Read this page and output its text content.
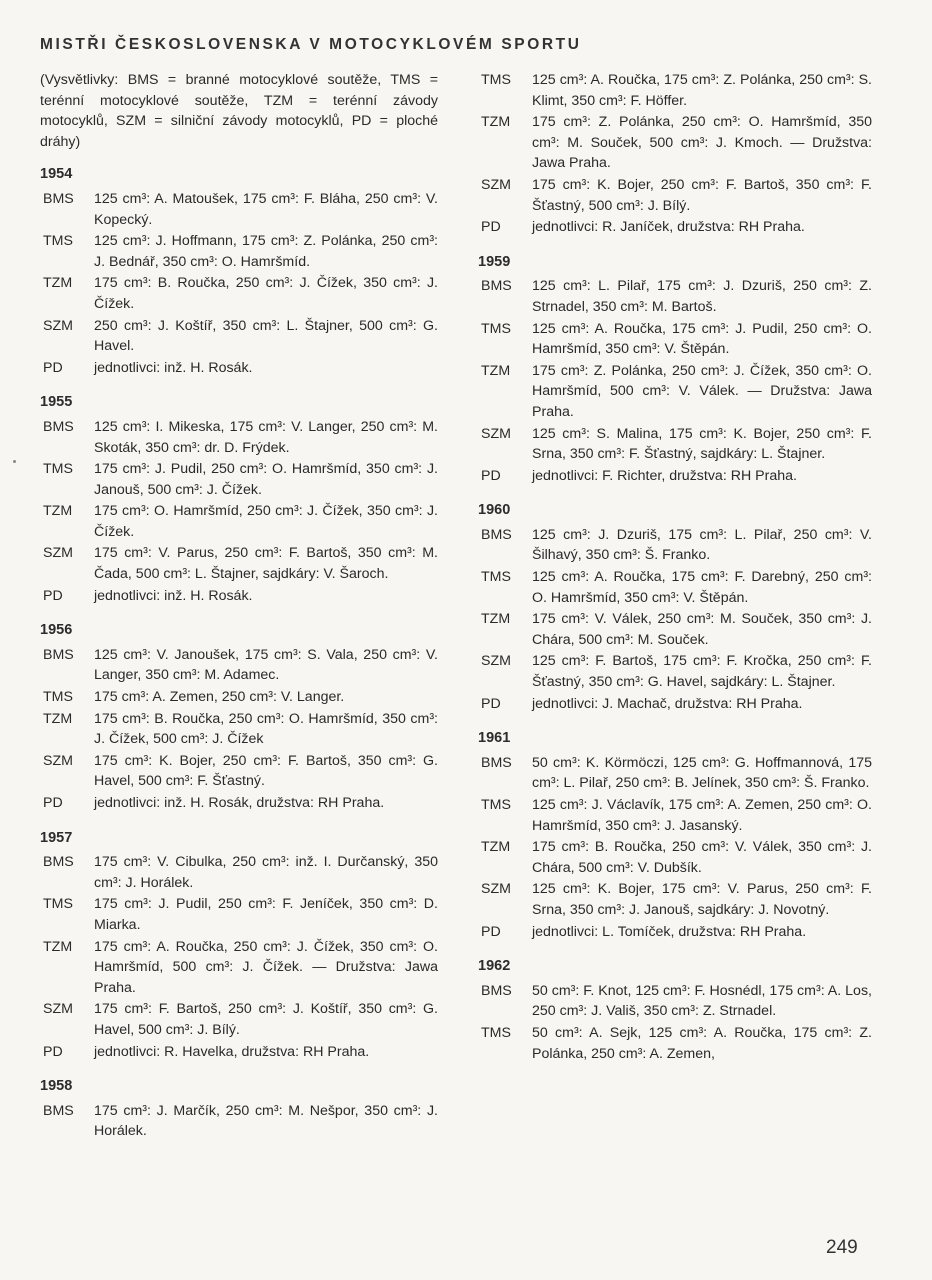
MISTŘI ČESKOSLOVENSKA V MOTOCYKLOVÉM SPORTU
(Vysvětlivky: BMS = branné motocyklové soutěže, TMS = terénní motocyklové soutěže, TZM = terénní závody motocyklů, SZM = silniční závody motocyklů, PD = ploché dráhy)
1954
BMS	125 cm³: A. Matoušek, 175 cm³: F. Bláha, 250 cm³: V. Kopecký.
TMS	125 cm³: J. Hoffmann, 175 cm³: Z. Polánka, 250 cm³: J. Bednář, 350 cm³: O. Hamršmíd.
TZM	175 cm³: B. Roučka, 250 cm³: J. Čížek, 350 cm³: J. Čížek.
SZM	250 cm³: J. Koštíř, 350 cm³: L. Štajner, 500 cm³: G. Havel.
PD	jednotlivci: inž. H. Rosák.
1955
BMS	125 cm³: I. Mikeska, 175 cm³: V. Langer, 250 cm³: M. Skoták, 350 cm³: dr. D. Frýdek.
TMS	175 cm³: J. Pudil, 250 cm³: O. Hamršmíd, 350 cm³: J. Janouš, 500 cm³: J. Čížek.
TZM	175 cm³: O. Hamršmíd, 250 cm³: J. Čížek, 350 cm³: J. Čížek.
SZM	175 cm³: V. Parus, 250 cm³: F. Bartoš, 350 cm³: M. Čada, 500 cm³: L. Štajner, sajdkáry: V. Šaroch.
PD	jednotlivci: inž. H. Rosák.
1956
BMS	125 cm³: V. Janoušek, 175 cm³: S. Vala, 250 cm³: V. Langer, 350 cm³: M. Adamec.
TMS	175 cm³: A. Zemen, 250 cm³: V. Langer.
TZM	175 cm³: B. Roučka, 250 cm³: O. Hamršmíd, 350 cm³: J. Čížek, 500 cm³: J. Čížek
SZM	175 cm³: K. Bojer, 250 cm³: F. Bartoš, 350 cm³: G. Havel, 500 cm³: F. Šťastný.
PD	jednotlivci: inž. H. Rosák, družstva: RH Praha.
1957
BMS	175 cm³: V. Cibulka, 250 cm³: inž. I. Durčanský, 350 cm³: J. Horálek.
TMS	175 cm³: J. Pudil, 250 cm³: F. Jeníček, 350 cm³: D. Miarka.
TZM	175 cm³: A. Roučka, 250 cm³: J. Čížek, 350 cm³: O. Hamršmíd, 500 cm³: J. Čížek. — Družstva: Jawa Praha.
SZM	175 cm³: F. Bartoš, 250 cm³: J. Koštíř, 350 cm³: G. Havel, 500 cm³: J. Bílý.
PD	jednotlivci: R. Havelka, družstva: RH Praha.
1958
BMS	175 cm³: J. Marčík, 250 cm³: M. Nešpor, 350 cm³: J. Horálek.
TMS	125 cm³: A. Roučka, 175 cm³: Z. Polánka, 250 cm³: S. Klimt, 350 cm³: F. Höffer.
TZM	175 cm³: Z. Polánka, 250 cm³: O. Hamršmíd, 350 cm³: M. Souček, 500 cm³: J. Kmoch. — Družstva: Jawa Praha.
SZM	175 cm³: K. Bojer, 250 cm³: F. Bartoš, 350 cm³: F. Šťastný, 500 cm³: J. Bílý.
PD	jednotlivci: R. Janíček, družstva: RH Praha.
1959
BMS	125 cm³: L. Pilař, 175 cm³: J. Dzuriš, 250 cm³: Z. Strnadel, 350 cm³: M. Bartoš.
TMS	125 cm³: A. Roučka, 175 cm³: J. Pudil, 250 cm³: O. Hamršmíd, 350 cm³: V. Štěpán.
TZM	175 cm³: Z. Polánka, 250 cm³: J. Čížek, 350 cm³: O. Hamršmíd, 500 cm³: V. Válek. — Družstva: Jawa Praha.
SZM	125 cm³: S. Malina, 175 cm³: K. Bojer, 250 cm³: F. Srna, 350 cm³: F. Šťastný, sajdkáry: L. Štajner.
PD	jednotlivci: F. Richter, družstva: RH Praha.
1960
BMS	125 cm³: J. Dzuriš, 175 cm³: L. Pilař, 250 cm³: V. Šilhavý, 350 cm³: Š. Franko.
TMS	125 cm³: A. Roučka, 175 cm³: F. Darebný, 250 cm³: O. Hamršmíd, 350 cm³: V. Štěpán.
TZM	175 cm³: V. Válek, 250 cm³: M. Souček, 350 cm³: J. Chára, 500 cm³: M. Souček.
SZM	125 cm³: F. Bartoš, 175 cm³: F. Kročka, 250 cm³: F. Šťastný, 350 cm³: G. Havel, sajdkáry: L. Štajner.
PD	jednotlivci: J. Machač, družstva: RH Praha.
1961
BMS	50 cm³: K. Körmöczi, 125 cm³: G. Hoffmannová, 175 cm³: L. Pilař, 250 cm³: B. Jelínek, 350 cm³: Š. Franko.
TMS	125 cm³: J. Václavík, 175 cm³: A. Zemen, 250 cm³: O. Hamršmíd, 350 cm³: J. Jasanský.
TZM	175 cm³: B. Roučka, 250 cm³: V. Válek, 350 cm³: J. Chára, 500 cm³: V. Dubšík.
SZM	125 cm³: K. Bojer, 175 cm³: V. Parus, 250 cm³: F. Srna, 350 cm³: J. Janouš, sajdkáry: J. Novotný.
PD	jednotlivci: L. Tomíček, družstva: RH Praha.
1962
BMS	50 cm³: F. Knot, 125 cm³: F. Hosnédl, 175 cm³: A. Los, 250 cm³: J. Vališ, 350 cm³: Z. Strnadel.
TMS	50 cm³: A. Sejk, 125 cm³: A. Roučka, 175 cm³: Z. Polánka, 250 cm³: A. Zemen,
249
